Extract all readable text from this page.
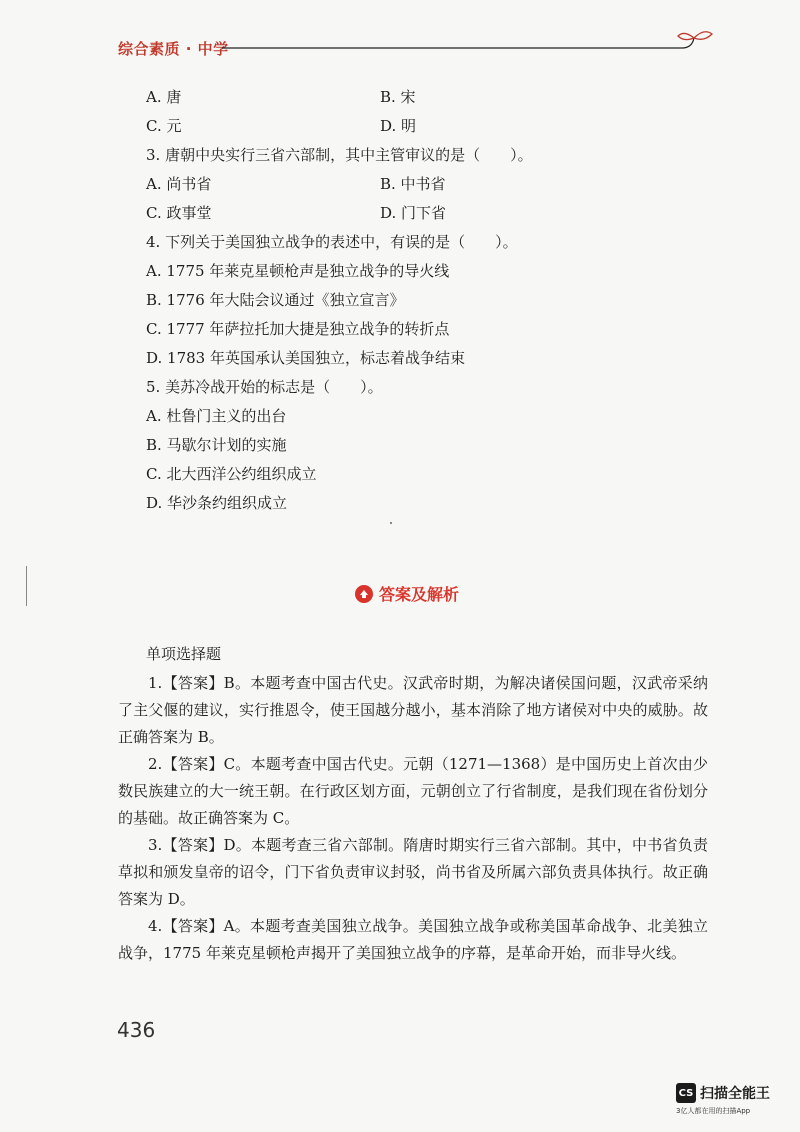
综合素质 · 中学
A. 唐	B. 宋
C. 元	D. 明
3. 唐朝中央实行三省六部制，其中主管审议的是（　　）。
A. 尚书省	B. 中书省
C. 政事堂	D. 门下省
4. 下列关于美国独立战争的表述中，有误的是（　　）。
A. 1775 年莱克星顿枪声是独立战争的导火线
B. 1776 年大陆会议通过《独立宣言》
C. 1777 年萨拉托加大捷是独立战争的转折点
D. 1783 年英国承认美国独立，标志着战争结束
5. 美苏冷战开始的标志是（　　）。
A. 杜鲁门主义的出台
B. 马歇尔计划的实施
C. 北大西洋公约组织成立
D. 华沙条约组织成立
答案及解析
单项选择题

1.【答案】B。本题考查中国古代史。汉武帝时期，为解决诸侯国问题，汉武帝采纳了主父偃的建议，实行推恩令，使王国越分越小，基本消除了地方诸侯对中央的威胁。故正确答案为 B。

2.【答案】C。本题考查中国古代史。元朝（1271—1368）是中国历史上首次由少数民族建立的大一统王朝。在行政区划方面，元朝创立了行省制度，是我们现在省份划分的基础。故正确答案为 C。

3.【答案】D。本题考查三省六部制。隋唐时期实行三省六部制。其中，中书省负责草拟和颁发皇帝的诏令，门下省负责审议封驳，尚书省及所属六部负责具体执行。故正确答案为 D。

4.【答案】A。本题考查美国独立战争。美国独立战争或称美国革命战争、北美独立战争，1775 年莱克星顿枪声揭开了美国独立战争的序幕，是革命开始，而非导火线。

436
CS 扫描全能王
3亿人都在用的扫描App
